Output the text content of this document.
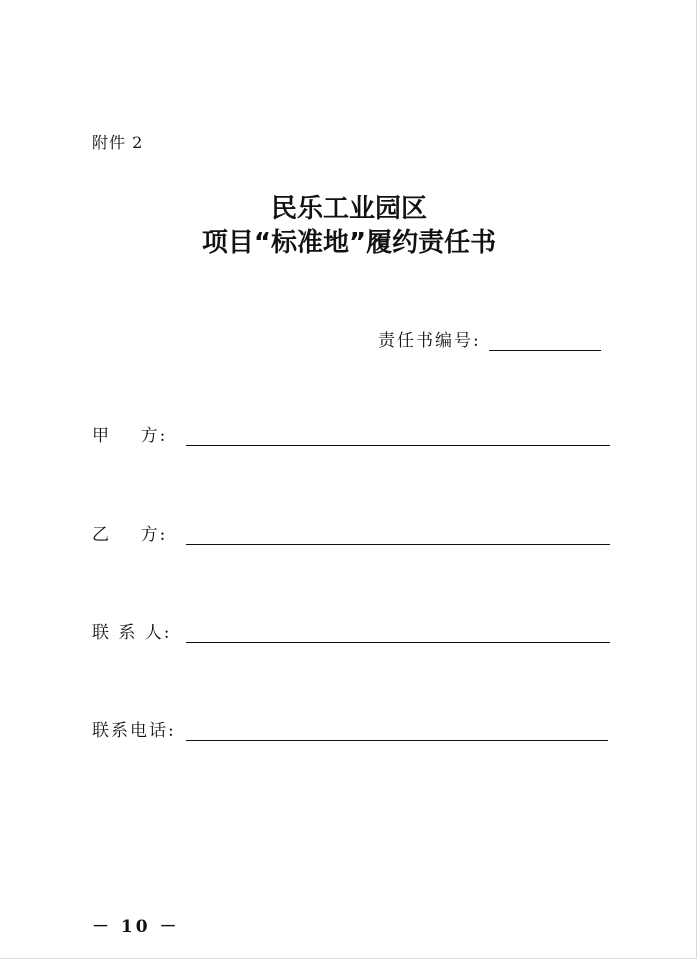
附件 2
民乐工业园区
项目“标准地”履约责任书
责任书编号:
甲    方:
乙    方:
联 系 人:
联系电话:
－ 10 －
